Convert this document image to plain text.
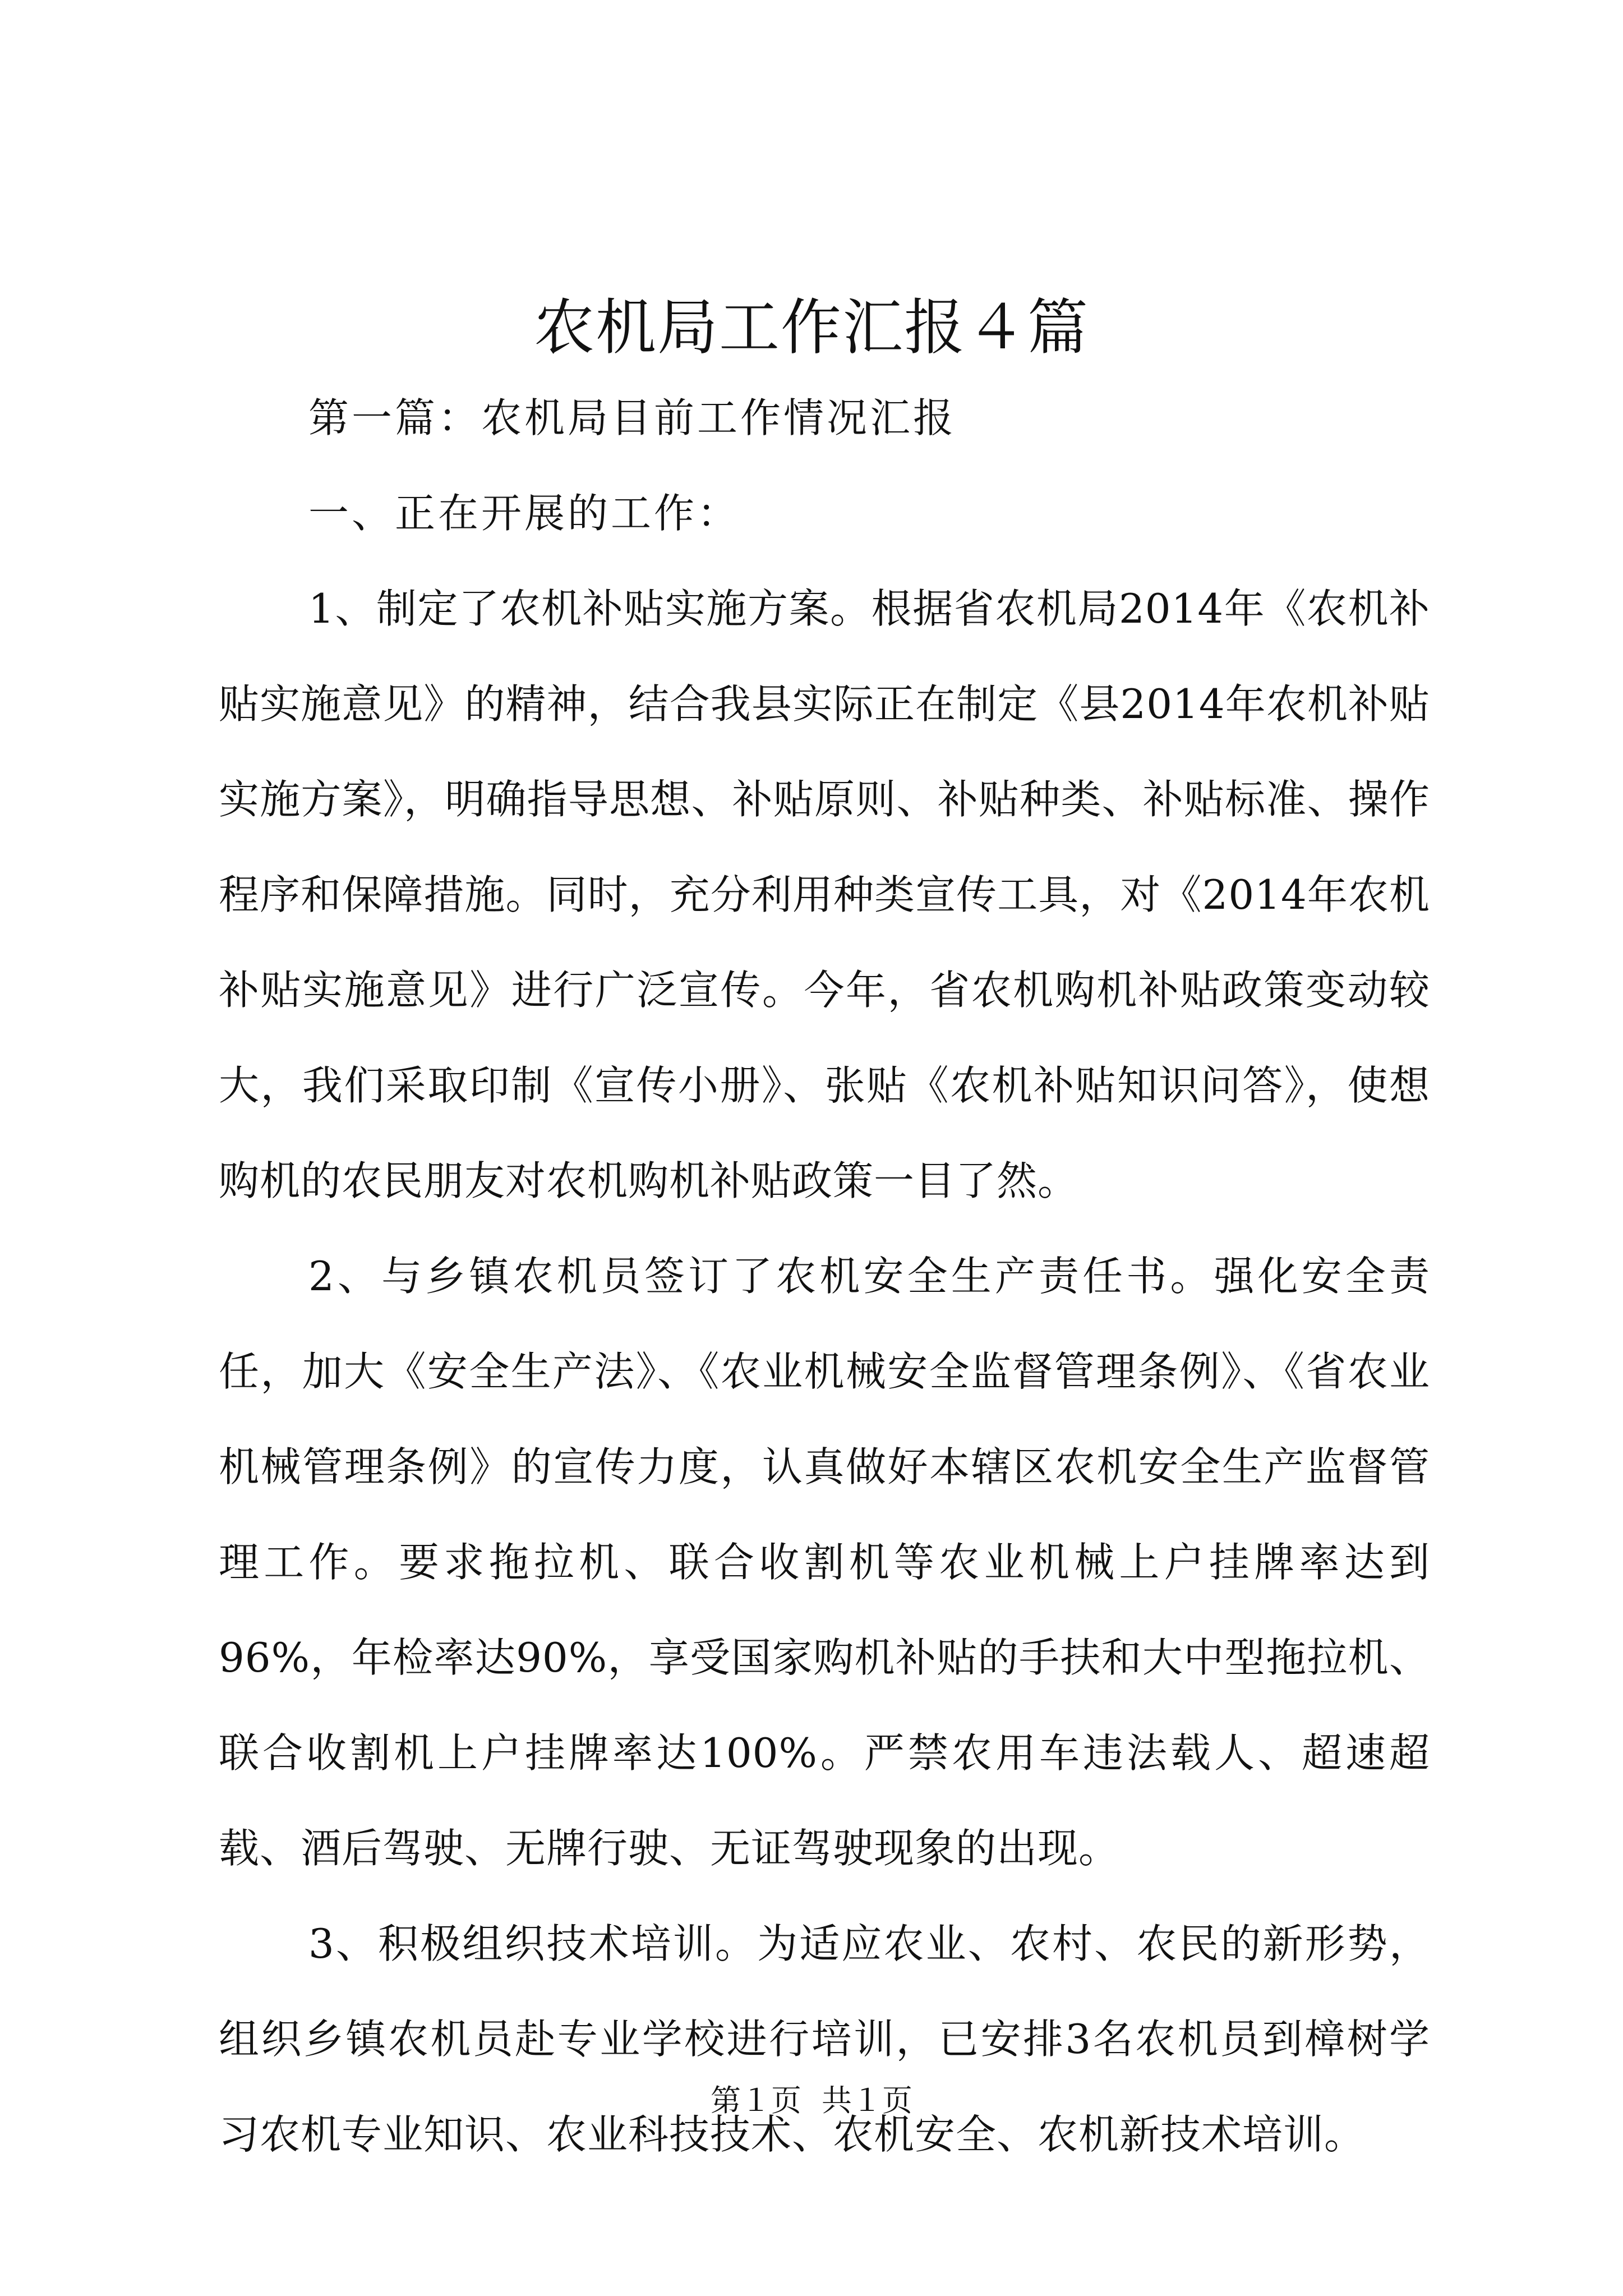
农机局工作汇报４篇

第一篇：农机局目前工作情况汇报

一、正在开展的工作：

1、制定了农机补贴实施方案。根据省农机局2014年《农机补贴实施意见》的精神，结合我县实际正在制定《县2014年农机补贴实施方案》，明确指导思想、补贴原则、补贴种类、补贴标准、操作程序和保障措施。同时，充分利用种类宣传工具，对《2014年农机补贴实施意见》进行广泛宣传。今年，省农机购机补贴政策变动较大，我们采取印制《宣传小册》、张贴《农机补贴知识问答》，使想购机的农民朋友对农机购机补贴政策一目了然。

2、与乡镇农机员签订了农机安全生产责任书。强化安全责任，加大《安全生产法》、《农业机械安全监督管理条例》、《省农业机械管理条例》的宣传力度，认真做好本辖区农机安全生产监督管理工作。要求拖拉机、联合收割机等农业机械上户挂牌率达到96%，年检率达90%，享受国家购机补贴的手扶和大中型拖拉机、联合收割机上户挂牌率达100%。严禁农用车违法载人、超速超载、酒后驾驶、无牌行驶、无证驾驶现象的出现。

3、积极组织技术培训。为适应农业、农村、农民的新形势，组织乡镇农机员赴专业学校进行培训，已安排3名农机员到樟树学习农机专业知识、农业科技技术、农机安全、农机新技术培训。

第１页 共１页
